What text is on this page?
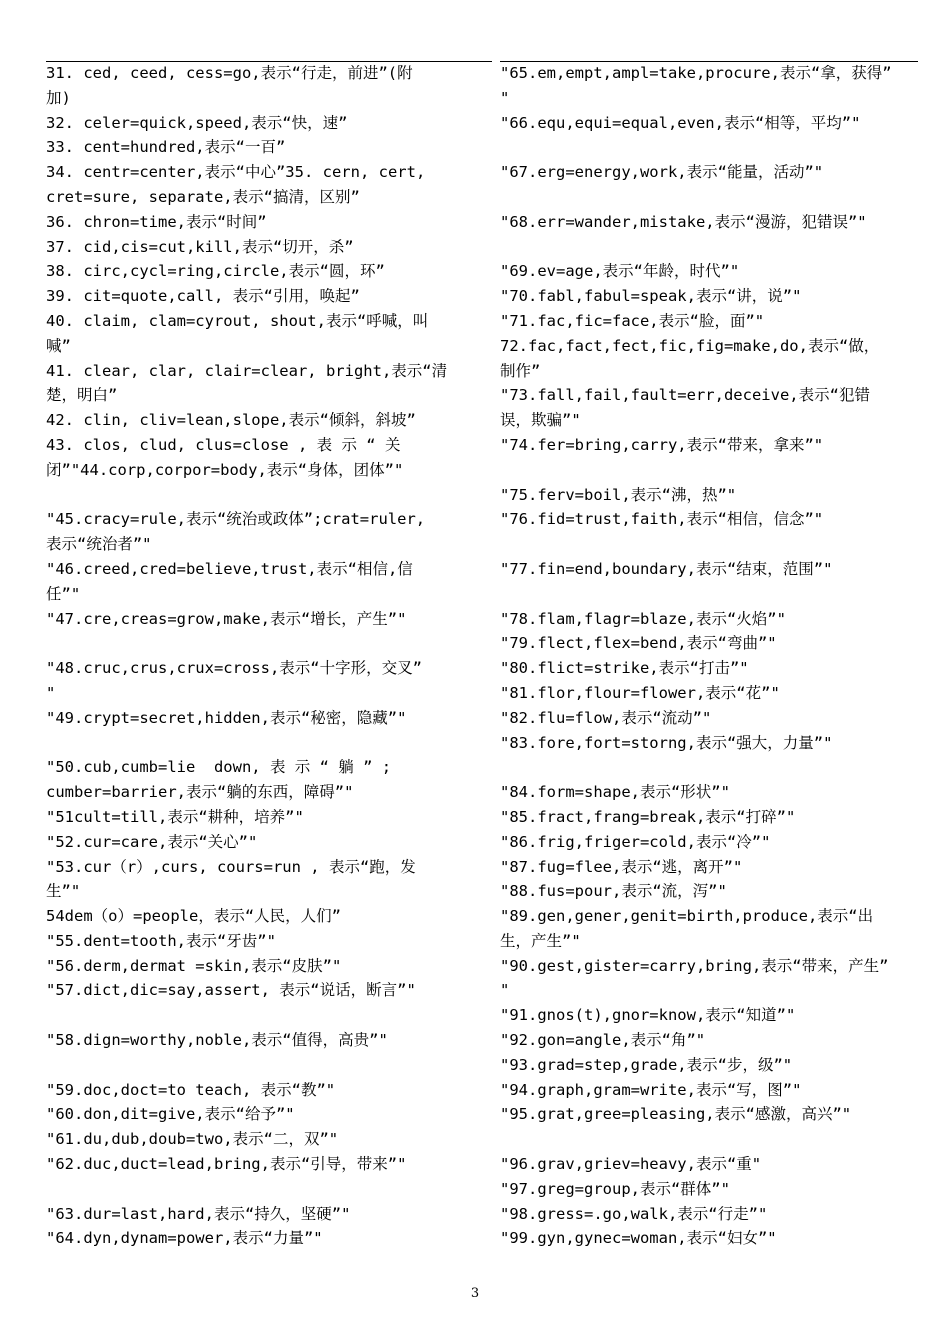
31. ced, ceed, cess=go,表示“行走，前进”(附
加)

32. celer=quick,speed,表示“快，速”

33. cent=hundred,表示“一百”

34. centr=center,表示“中心”35. cern, cert,
cret=sure, separate,表示“搞清，区别”

36. chron=time,表示“时间”

37. cid,cis=cut,kill,表示“切开，杀”

38. circ,cycl=ring,circle,表示“圆，环”

39. cit=quote,call, 表示“引用，唤起”

40. claim, clam=cyrout, shout,表示“呼喊，叫
喊”

41. clear, clar, clair=clear, bright,表示“清
楚，明白”

42. clin, cliv=lean,slope,表示“倾斜，斜坡”

43. clos, clud, clus=close , 表 示 “ 关
闭”"44.corp,corpor=body,表示“身体，团体”"

"45.cracy=rule,表示“统治或政体”;crat=ruler,
表示“统治者”"

"46.creed,cred=believe,trust,表示“相信,信
任”"

"47.cre,creas=grow,make,表示“增长，产生”"

"48.cruc,crus,crux=cross,表示“十字形，交叉”
"

"49.crypt=secret,hidden,表示“秘密，隐藏”"

"50.cub,cumb=lie  down, 表 示 “ 躺 ” ;
cumber=barrier,表示“躺的东西，障碍”"

"51cult=till,表示“耕种，培养”"

"52.cur=care,表示“关心”"

"53.cur（r）,curs, cours=run , 表示“跑，发
生”"

54dem（o）=people，表示“人民，人们”

"55.dent=tooth,表示“牙齿”"

"56.derm,dermat =skin,表示“皮肤”"

"57.dict,dic=say,assert, 表示“说话，断言”"

"58.dign=worthy,noble,表示“值得，高贵”"

"59.doc,doct=to teach, 表示“教”"

"60.don,dit=give,表示“给予”"

"61.du,dub,doub=two,表示“二，双”"

"62.duc,duct=lead,bring,表示“引导，带来”"

"63.dur=last,hard,表示“持久，坚硬”"

"64.dyn,dynam=power,表示“力量”"

"65.em,empt,ampl=take,procure,表示“拿，获得”
"

"66.equ,equi=equal,even,表示“相等，平均”"

"67.erg=energy,work,表示“能量，活动”"

"68.err=wander,mistake,表示“漫游，犯错误”"

"69.ev=age,表示“年龄，时代”"

"70.fabl,fabul=speak,表示“讲，说”"

"71.fac,fic=face,表示“脸，面”"

72.fac,fact,fect,fic,fig=make,do,表示“做，
制作”

"73.fall,fail,fault=err,deceive,表示“犯错
误，欺骗”"

"74.fer=bring,carry,表示“带来，拿来”"

"75.ferv=boil,表示“沸，热”"

"76.fid=trust,faith,表示“相信，信念”"

"77.fin=end,boundary,表示“结束，范围”"

"78.flam,flagr=blaze,表示“火焰”"

"79.flect,flex=bend,表示“弯曲”"

"80.flict=strike,表示“打击”"

"81.flor,flour=flower,表示“花”"

"82.flu=flow,表示“流动”"

"83.fore,fort=storng,表示“强大，力量”"

"84.form=shape,表示“形状”"

"85.fract,frang=break,表示“打碎”"

"86.frig,friger=cold,表示“冷”"

"87.fug=flee,表示“逃，离开”"

"88.fus=pour,表示“流，泻”"

"89.gen,gener,genit=birth,produce,表示“出
生，产生”"

"90.gest,gister=carry,bring,表示“带来，产生”
"

"91.gnos(t),gnor=know,表示“知道”"

"92.gon=angle,表示“角”"

"93.grad=step,grade,表示“步，级”"

"94.graph,gram=write,表示“写，图”"

"95.grat,gree=pleasing,表示“感激，高兴”"

"96.grav,griev=heavy,表示“重"

"97.greg=group,表示“群体”"

"98.gress=.go,walk,表示“行走”"

"99.gyn,gynec=woman,表示“妇女”"

3
